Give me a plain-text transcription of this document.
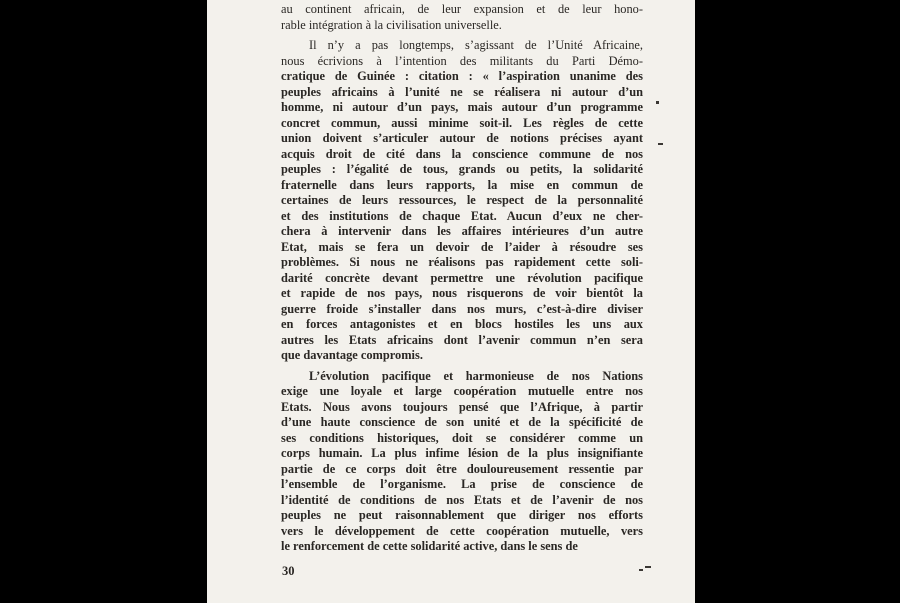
au continent africain, de leur expansion et de leur hono-
rable intégration à la civilisation universelle.
Il n’y a pas longtemps, s’agissant de l’Unité Africaine,
nous écrivions à l’intention des militants du Parti Démo-
cratique de Guinée : citation : « l’aspiration unanime des
peuples africains à l’unité ne se réalisera ni autour d’un
homme, ni autour d’un pays, mais autour d’un programme
concret commun, aussi minime soit-il. Les règles de cette
union doivent s’articuler autour de notions précises ayant
acquis droit de cité dans la conscience commune de nos
peuples : l’égalité de tous, grands ou petits, la solidarité
fraternelle dans leurs rapports, la mise en commun de
certaines de leurs ressources, le respect de la personnalité
et des institutions de chaque Etat. Aucun d’eux ne cher-
chera à intervenir dans les affaires intérieures d’un autre
Etat, mais se fera un devoir de l’aider à résoudre ses
problèmes. Si nous ne réalisons pas rapidement cette soli-
darité concrète devant permettre une révolution pacifique
et rapide de nos pays, nous risquerons de voir bientôt la
guerre froide s’installer dans nos murs, c’est-à-dire diviser
en forces antagonistes et en blocs hostiles les uns aux
autres les Etats africains dont l’avenir commun n’en sera
que davantage compromis.
L’évolution pacifique et harmonieuse de nos Nations
exige une loyale et large coopération mutuelle entre nos
Etats. Nous avons toujours pensé que l’Afrique, à partir
d’une haute conscience de son unité et de la spécificité de
ses conditions historiques, doit se considérer comme un
corps humain. La plus infime lésion de la plus insignifiante
partie de ce corps doit être douloureusement ressentie par
l’ensemble de l’organisme. La prise de conscience de
l’identité de conditions de nos Etats et de l’avenir de nos
peuples ne peut raisonnablement que diriger nos efforts
vers le développement de cette coopération mutuelle, vers
le renforcement de cette solidarité active, dans le sens de
30
